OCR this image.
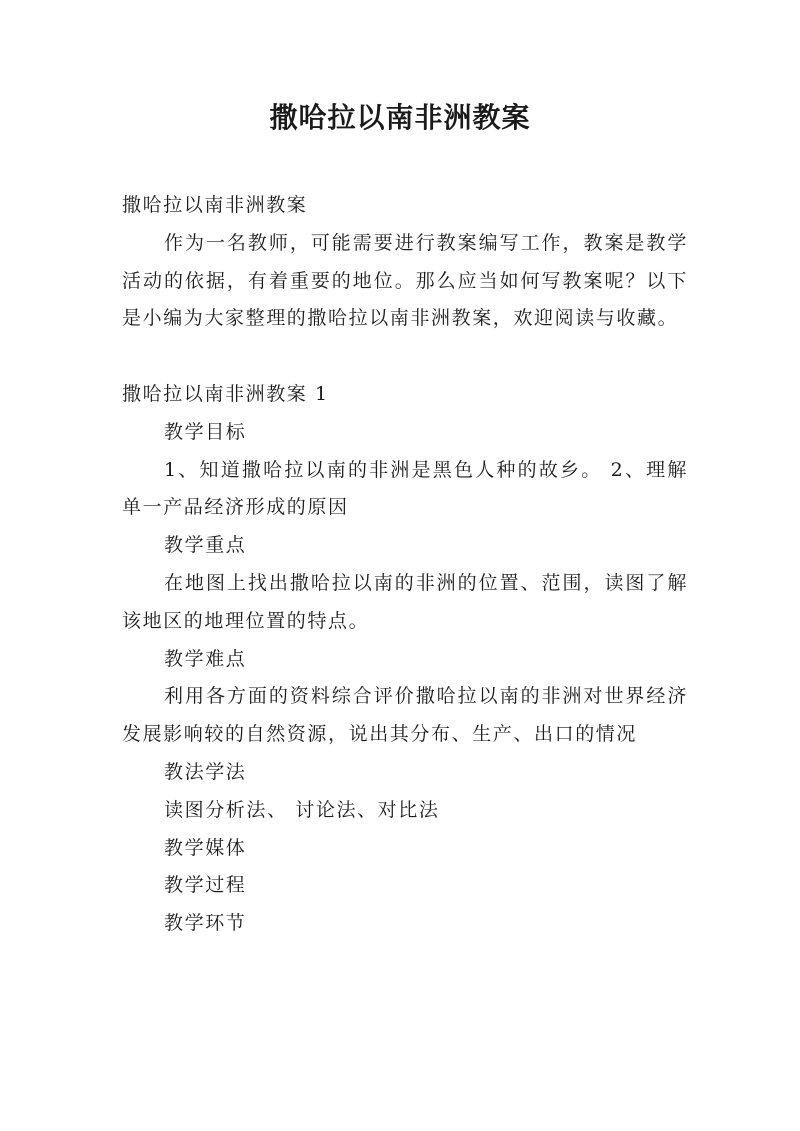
撒哈拉以南非洲教案

撒哈拉以南非洲教案

作为一名教师，可能需要进行教案编写工作，教案是教学活动的依据，有着重要的地位。那么应当如何写教案呢？以下是小编为大家整理的撒哈拉以南非洲教案，欢迎阅读与收藏。

撒哈拉以南非洲教案 1

教学目标

1、知道撒哈拉以南的非洲是黑色人种的故乡。 2、理解单一产品经济形成的原因

教学重点

在地图上找出撒哈拉以南的非洲的位置、范围，读图了解该地区的地理位置的特点。

教学难点

利用各方面的资料综合评价撒哈拉以南的非洲对世界经济发展影响较的自然资源，说出其分布、生产、出口的情况

教法学法

读图分析法、 讨论法、对比法

教学媒体

教学过程

教学环节
